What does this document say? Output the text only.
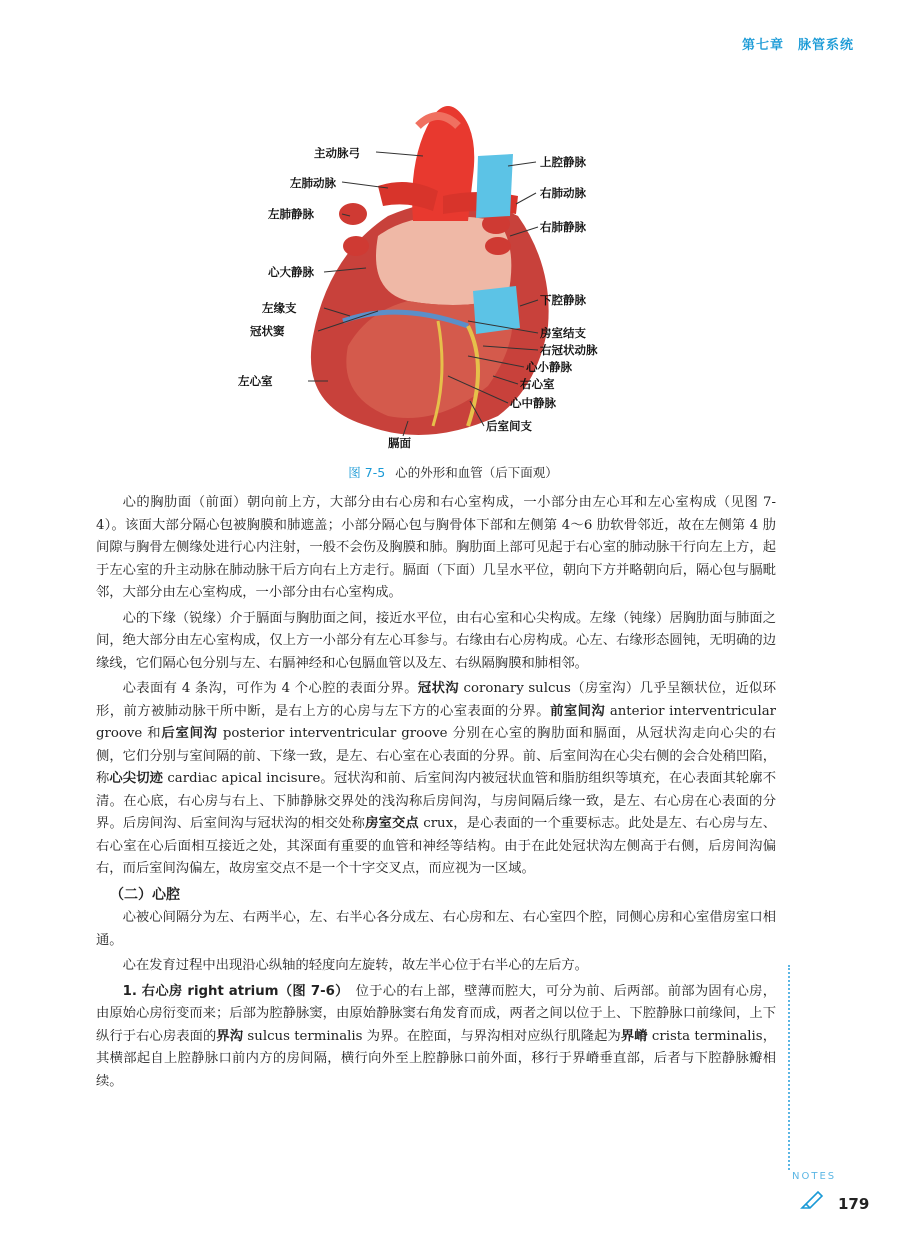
第七章　脉管系统
主动脉弓
左肺动脉
左肺静脉
心大静脉
左缘支
冠状窦
左心室
膈面
上腔静脉
右肺动脉
右肺静脉
下腔静脉
房室结支
右冠状动脉
心小静脉
右心室
心中静脉
后室间支
图 7-5 心的外形和血管（后下面观）

心的胸肋面（前面）朝向前上方，大部分由右心房和右心室构成，一小部分由左心耳和左心室构成（见图 7-4）。该面大部分隔心包被胸膜和肺遮盖；小部分隔心包与胸骨体下部和左侧第 4～6 肋软骨邻近，故在左侧第 4 肋间隙与胸骨左侧缘处进行心内注射，一般不会伤及胸膜和肺。胸肋面上部可见起于右心室的肺动脉干行向左上方，起于左心室的升主动脉在肺动脉干后方向右上方走行。膈面（下面）几呈水平位，朝向下方并略朝向后，隔心包与膈毗邻，大部分由左心室构成，一小部分由右心室构成。

心的下缘（锐缘）介于膈面与胸肋面之间，接近水平位，由右心室和心尖构成。左缘（钝缘）居胸肋面与肺面之间，绝大部分由左心室构成，仅上方一小部分有左心耳参与。右缘由右心房构成。心左、右缘形态圆钝，无明确的边缘线，它们隔心包分别与左、右膈神经和心包膈血管以及左、右纵隔胸膜和肺相邻。

心表面有 4 条沟，可作为 4 个心腔的表面分界。冠状沟 coronary sulcus（房室沟）几乎呈额状位，近似环形，前方被肺动脉干所中断，是右上方的心房与左下方的心室表面的分界。前室间沟 anterior interventricular groove 和后室间沟 posterior interventricular groove 分别在心室的胸肋面和膈面，从冠状沟走向心尖的右侧，它们分别与室间隔的前、下缘一致，是左、右心室在心表面的分界。前、后室间沟在心尖右侧的会合处稍凹陷，称心尖切迹 cardiac apical incisure。冠状沟和前、后室间沟内被冠状血管和脂肪组织等填充，在心表面其轮廓不清。在心底，右心房与右上、下肺静脉交界处的浅沟称后房间沟，与房间隔后缘一致，是左、右心房在心表面的分界。后房间沟、后室间沟与冠状沟的相交处称房室交点 crux，是心表面的一个重要标志。此处是左、右心房与左、右心室在心后面相互接近之处，其深面有重要的血管和神经等结构。由于在此处冠状沟左侧高于右侧，后房间沟偏右，而后室间沟偏左，故房室交点不是一个十字交叉点，而应视为一区域。

（二）心腔

心被心间隔分为左、右两半心，左、右半心各分成左、右心房和左、右心室四个腔，同侧心房和心室借房室口相通。

心在发育过程中出现沿心纵轴的轻度向左旋转，故左半心位于右半心的左后方。

1. 右心房 right atrium（图 7-6）　位于心的右上部，壁薄而腔大，可分为前、后两部。前部为固有心房，由原始心房衍变而来；后部为腔静脉窦，由原始静脉窦右角发育而成，两者之间以位于上、下腔静脉口前缘间，上下纵行于右心房表面的界沟 sulcus terminalis 为界。在腔面，与界沟相对应纵行肌隆起为界嵴 crista terminalis，其横部起自上腔静脉口前内方的房间隔，横行向外至上腔静脉口前外面，移行于界嵴垂直部，后者与下腔静脉瓣相续。

NOTES
179
